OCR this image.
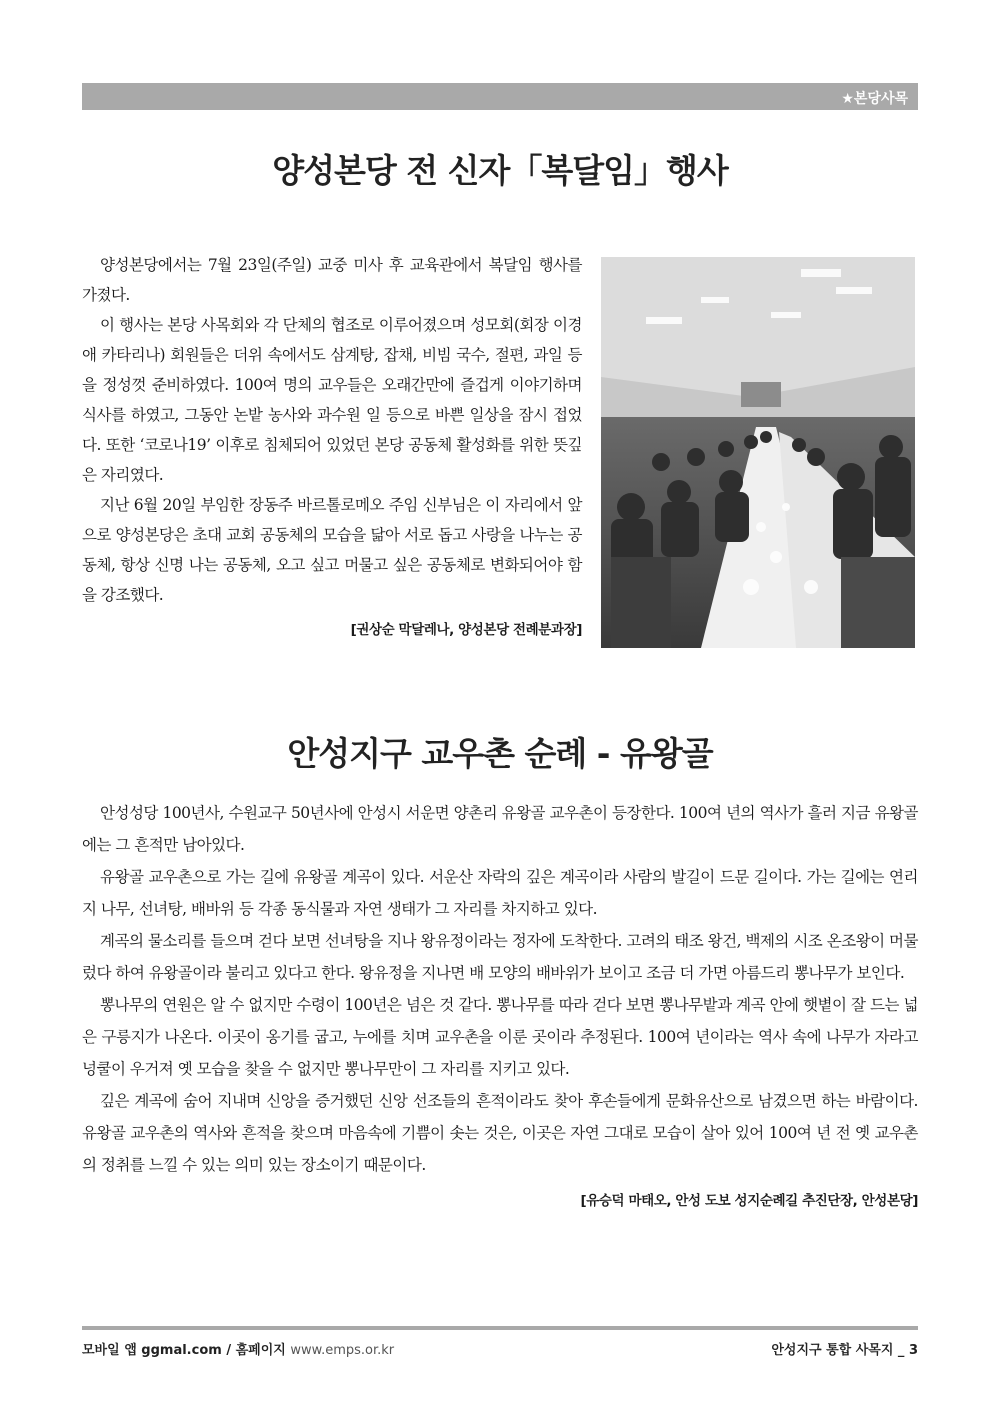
★본당사목
양성본당 전 신자「복달임」행사

양성본당에서는 7월 23일(주일) 교중 미사 후 교육관에서 복달임 행사를 가졌다.

이 행사는 본당 사목회와 각 단체의 협조로 이루어졌으며 성모회(회장 이경애 카타리나) 회원들은 더위 속에서도 삼계탕, 잡채, 비빔 국수, 절편, 과일 등을 정성껏 준비하였다. 100여 명의 교우들은 오래간만에 즐겁게 이야기하며 식사를 하였고, 그동안 논밭 농사와 과수원 일 등으로 바쁜 일상을 잠시 접었다. 또한 ‘코로나19’ 이후로 침체되어 있었던 본당 공동체 활성화를 위한 뜻깊은 자리였다.

지난 6월 20일 부임한 장동주 바르톨로메오 주임 신부님은 이 자리에서 앞으로 양성본당은 초대 교회 공동체의 모습을 닮아 서로 돕고 사랑을 나누는 공동체, 항상 신명 나는 공동체, 오고 싶고 머물고 싶은 공동체로 변화되어야 함을 강조했다.

[권상순 막달레나, 양성본당 전례분과장]
안성지구 교우촌 순례 - 유왕골

안성성당 100년사, 수원교구 50년사에 안성시 서운면 양촌리 유왕골 교우촌이 등장한다. 100여 년의 역사가 흘러 지금 유왕골에는 그 흔적만 남아있다.

유왕골 교우촌으로 가는 길에 유왕골 계곡이 있다. 서운산 자락의 깊은 계곡이라 사람의 발길이 드문 길이다. 가는 길에는 연리지 나무, 선녀탕, 배바위 등 각종 동식물과 자연 생태가 그 자리를 차지하고 있다.

계곡의 물소리를 들으며 걷다 보면 선녀탕을 지나 왕유정이라는 정자에 도착한다. 고려의 태조 왕건, 백제의 시조 온조왕이 머물렀다 하여 유왕골이라 불리고 있다고 한다. 왕유정을 지나면 배 모양의 배바위가 보이고 조금 더 가면 아름드리 뽕나무가 보인다.

뽕나무의 연원은 알 수 없지만 수령이 100년은 넘은 것 같다. 뽕나무를 따라 걷다 보면 뽕나무밭과 계곡 안에 햇볕이 잘 드는 넓은 구릉지가 나온다. 이곳이 옹기를 굽고, 누에를 치며 교우촌을 이룬 곳이라 추정된다. 100여 년이라는 역사 속에 나무가 자라고 넝쿨이 우거져 옛 모습을 찾을 수 없지만 뽕나무만이 그 자리를 지키고 있다.

깊은 계곡에 숨어 지내며 신앙을 증거했던 신앙 선조들의 흔적이라도 찾아 후손들에게 문화유산으로 남겼으면 하는 바람이다. 유왕골 교우촌의 역사와 흔적을 찾으며 마음속에 기쁨이 솟는 것은, 이곳은 자연 그대로 모습이 살아 있어 100여 년 전 옛 교우촌의 정취를 느낄 수 있는 의미 있는 장소이기 때문이다.

[유승덕 마태오, 안성 도보 성지순례길 추진단장, 안성본당]
모바일 앱 ggmal.com / 홈페이지 www.emps.or.kr	안성지구 통합 사목지 _ 3
